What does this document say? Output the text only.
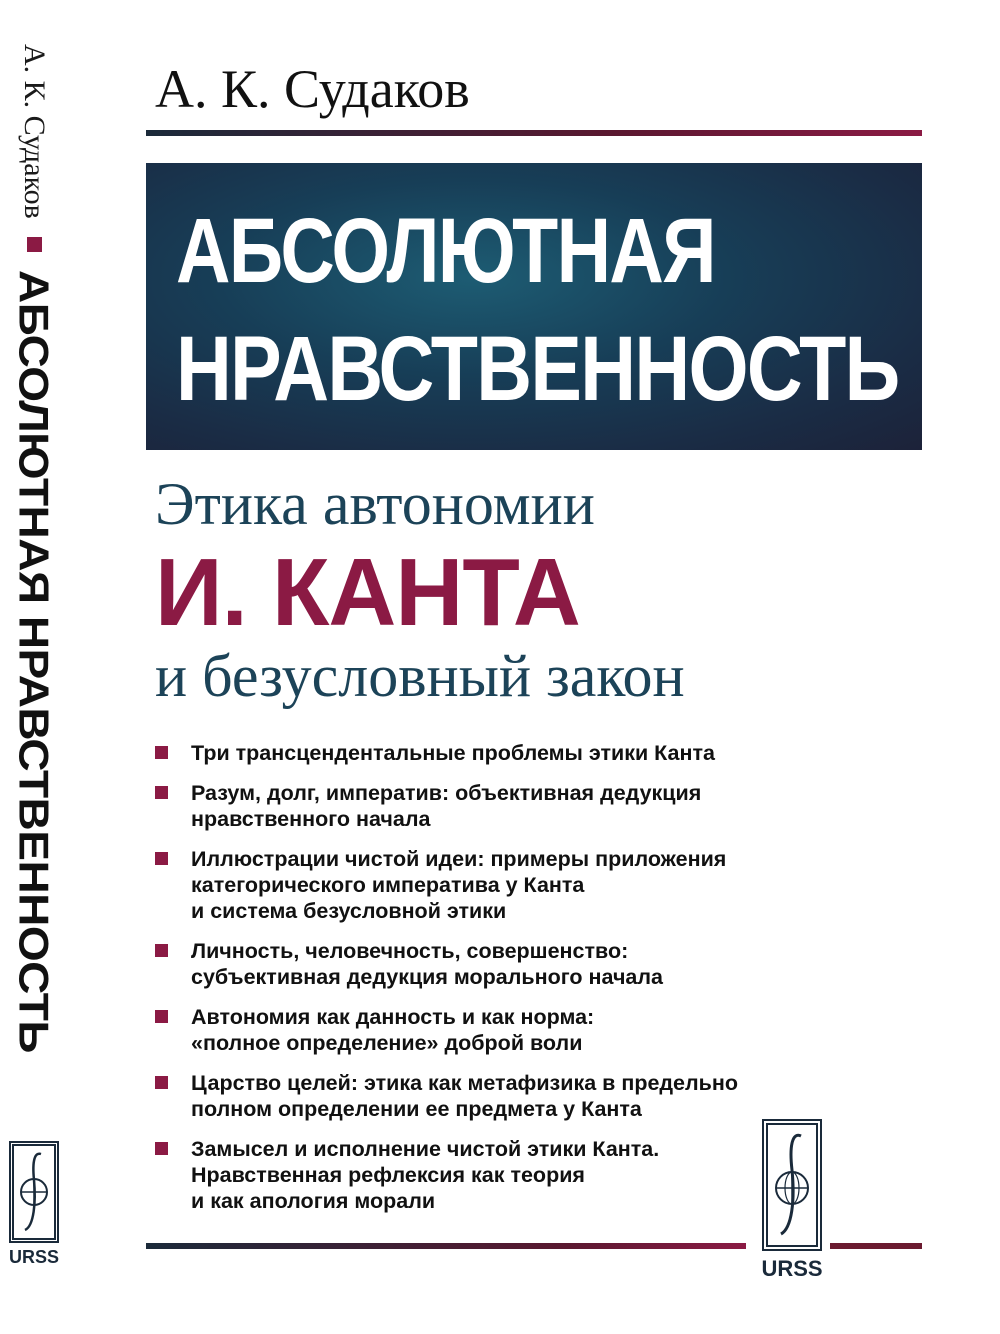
А. К. Судаков
АБСОЛЮТНАЯ НРАВСТВЕННОСТЬ
URSS
А. К. Судаков
АБСОЛЮТНАЯ
НРАВСТВЕННОСТЬ
Этика автономии
И. КАНТА
и безусловный закон
Три трансцендентальные проблемы этики Канта
Разум, долг, императив: объективная дедукция
нравственного начала
Иллюстрации чистой идеи: примеры приложения
категорического императива у Канта
и система безусловной этики
Личность, человечность, совершенство:
субъективная дедукция морального начала
Автономия как данность и как норма:
«полное определение» доброй воли
Царство целей: этика как метафизика в предельно
полном определении ее предмета у Канта
Замысел и исполнение чистой этики Канта.
Нравственная рефлексия как теория
и как апология морали
URSS
